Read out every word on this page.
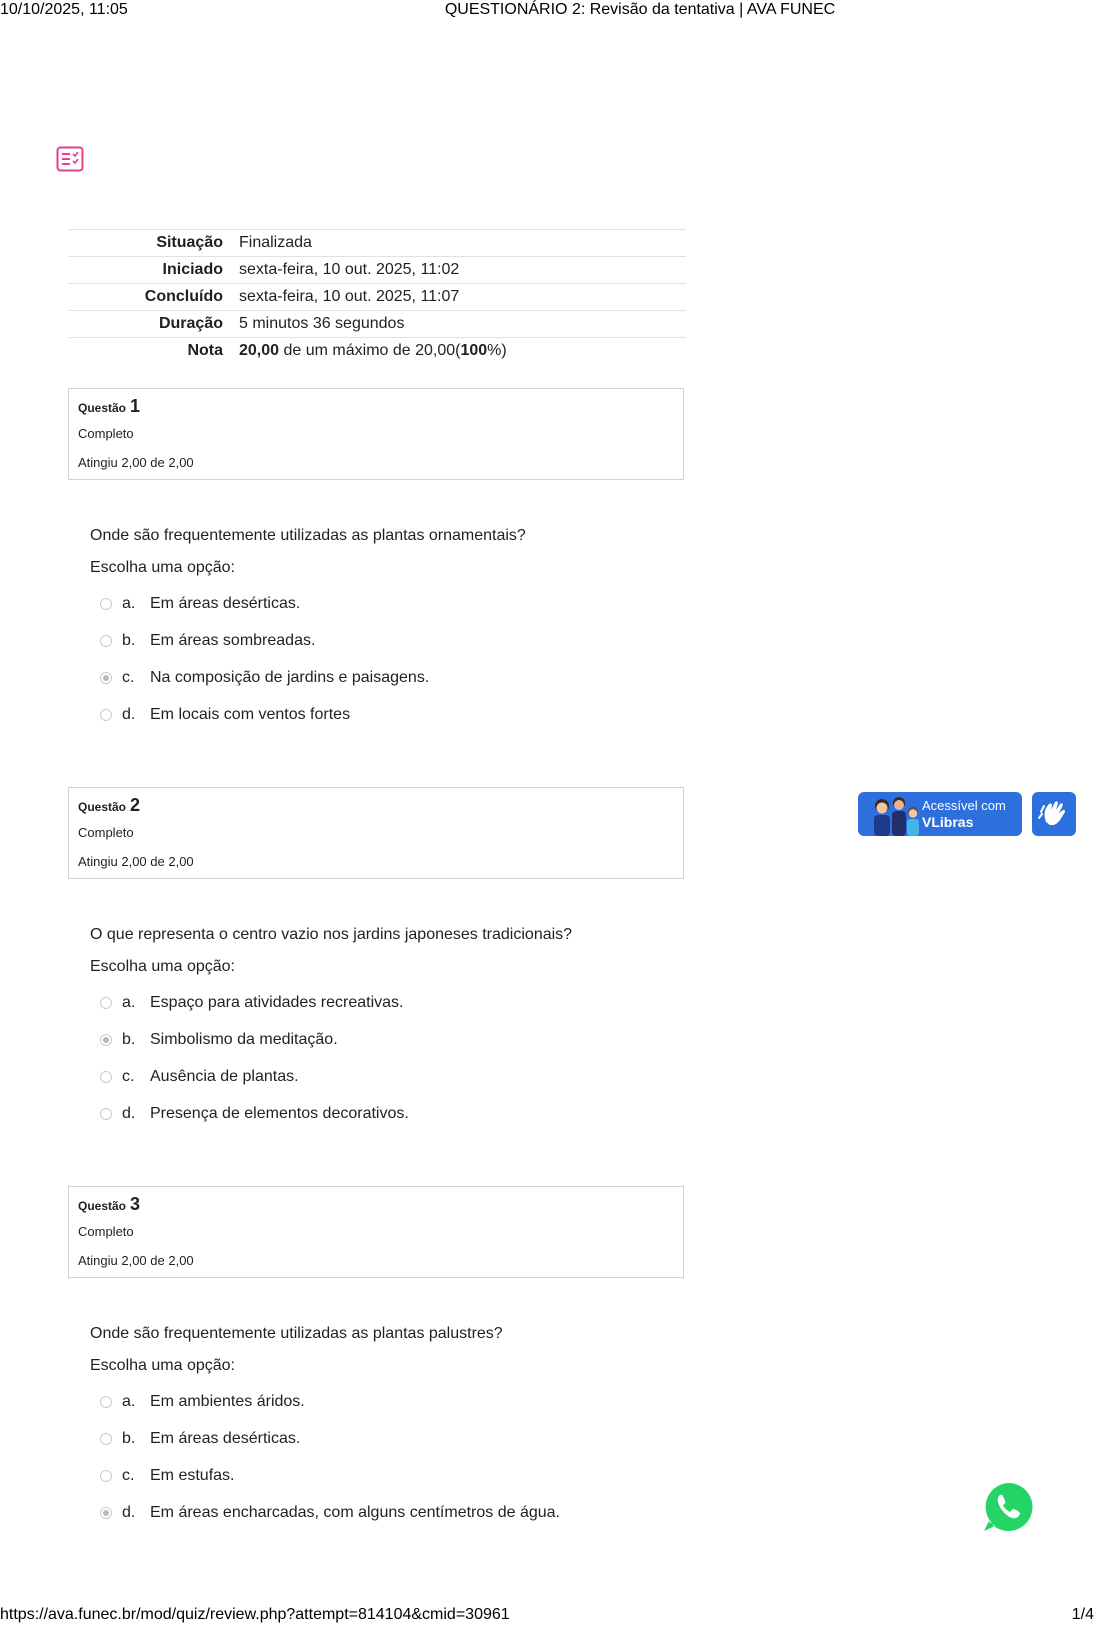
10/10/2025, 11:05	QUESTIONÁRIO 2: Revisão da tentativa | AVA FUNEC
Situação	Finalizada
Iniciado	sexta-feira, 10 out. 2025, 11:02
Concluído	sexta-feira, 10 out. 2025, 11:07
Duração	5 minutos 36 segundos
Nota	20,00 de um máximo de 20,00(100%)
Questão 1
Completo
Atingiu 2,00 de 2,00
Onde são frequentemente utilizadas as plantas ornamentais?
Escolha uma opção:
a. Em áreas desérticas.
b. Em áreas sombreadas.
c. Na composição de jardins e paisagens.
d. Em locais com ventos fortes
Questão 2
Completo
Atingiu 2,00 de 2,00
O que representa o centro vazio nos jardins japoneses tradicionais?
Escolha uma opção:
a. Espaço para atividades recreativas.
b. Simbolismo da meditação.
c. Ausência de plantas.
d. Presença de elementos decorativos.
Questão 3
Completo
Atingiu 2,00 de 2,00
Onde são frequentemente utilizadas as plantas palustres?
Escolha uma opção:
a. Em ambientes áridos.
b. Em áreas desérticas.
c. Em estufas.
d. Em áreas encharcadas, com alguns centímetros de água.
Acessível com
VLibras
https://ava.funec.br/mod/quiz/review.php?attempt=814104&cmid=30961	1/4
